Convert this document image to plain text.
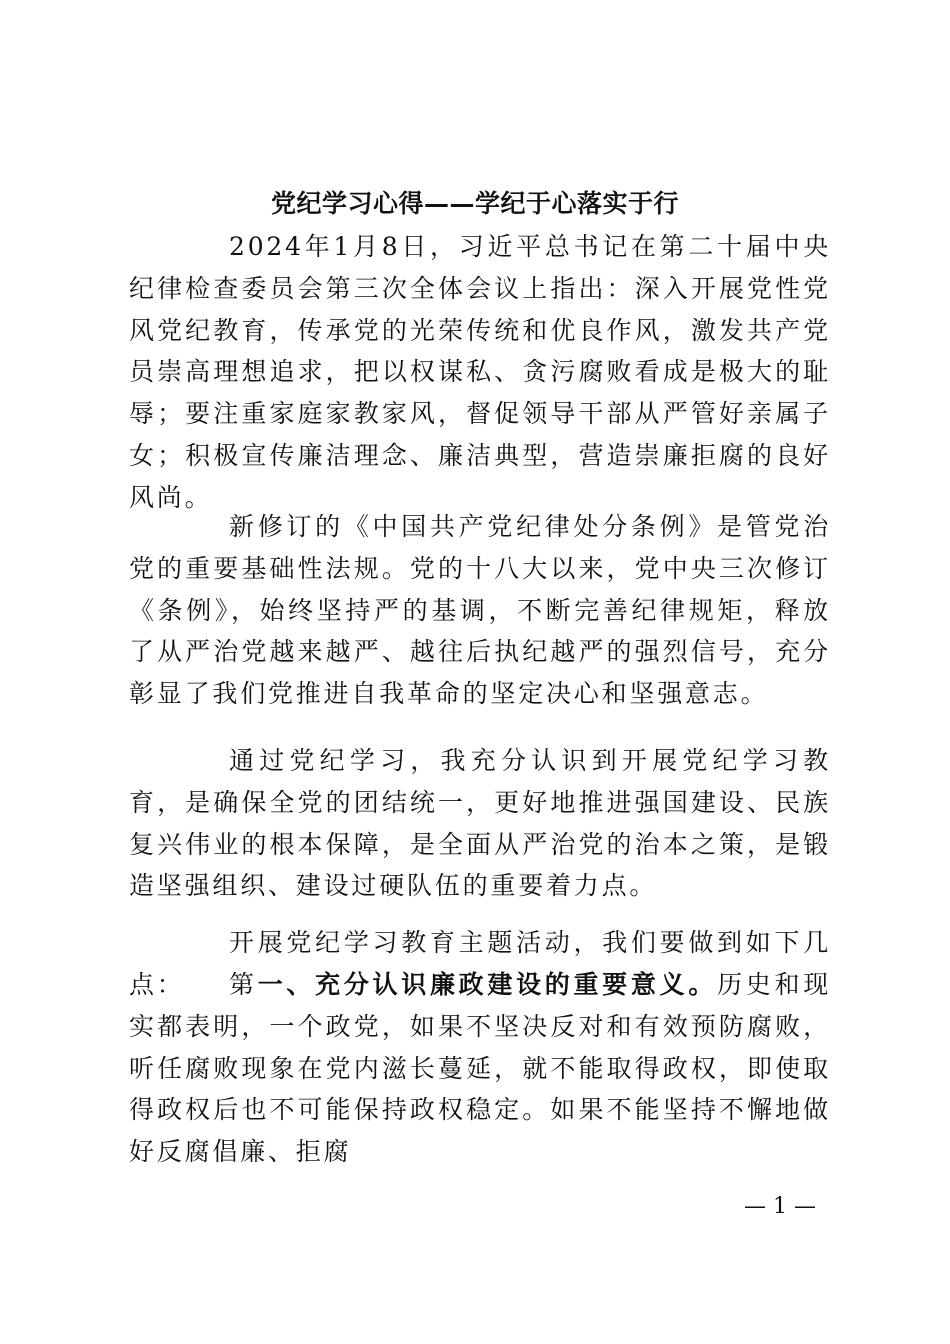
党纪学习心得——学纪于心落实于行

2024年1月8日，习近平总书记在第二十届中央纪律检查委员会第三次全体会议上指出：深入开展党性党风党纪教育，传承党的光荣传统和优良作风，激发共产党员崇高理想追求，把以权谋私、贪污腐败看成是极大的耻辱；要注重家庭家教家风，督促领导干部从严管好亲属子女；积极宣传廉洁理念、廉洁典型，营造崇廉拒腐的良好风尚。

新修订的《中国共产党纪律处分条例》是管党治党的重要基础性法规。党的十八大以来，党中央三次修订《条例》，始终坚持严的基调，不断完善纪律规矩，释放了从严治党越来越严、越往后执纪越严的强烈信号，充分彰显了我们党推进自我革命的坚定决心和坚强意志。

通过党纪学习，我充分认识到开展党纪学习教育，是确保全党的团结统一，更好地推进强国建设、民族复兴伟业的根本保障，是全面从严治党的治本之策，是锻造坚强组织、建设过硬队伍的重要着力点。

开展党纪学习教育主题活动，我们要做到如下几点：	第一、充分认识廉政建设的重要意义。历史和现实都表明，一个政党，如果不坚决反对和有效预防腐败，听任腐败现象在党内滋长蔓延，就不能取得政权，即使取得政权后也不可能保持政权稳定。如果不能坚持不懈地做好反腐倡廉、拒腐

— 1 —
